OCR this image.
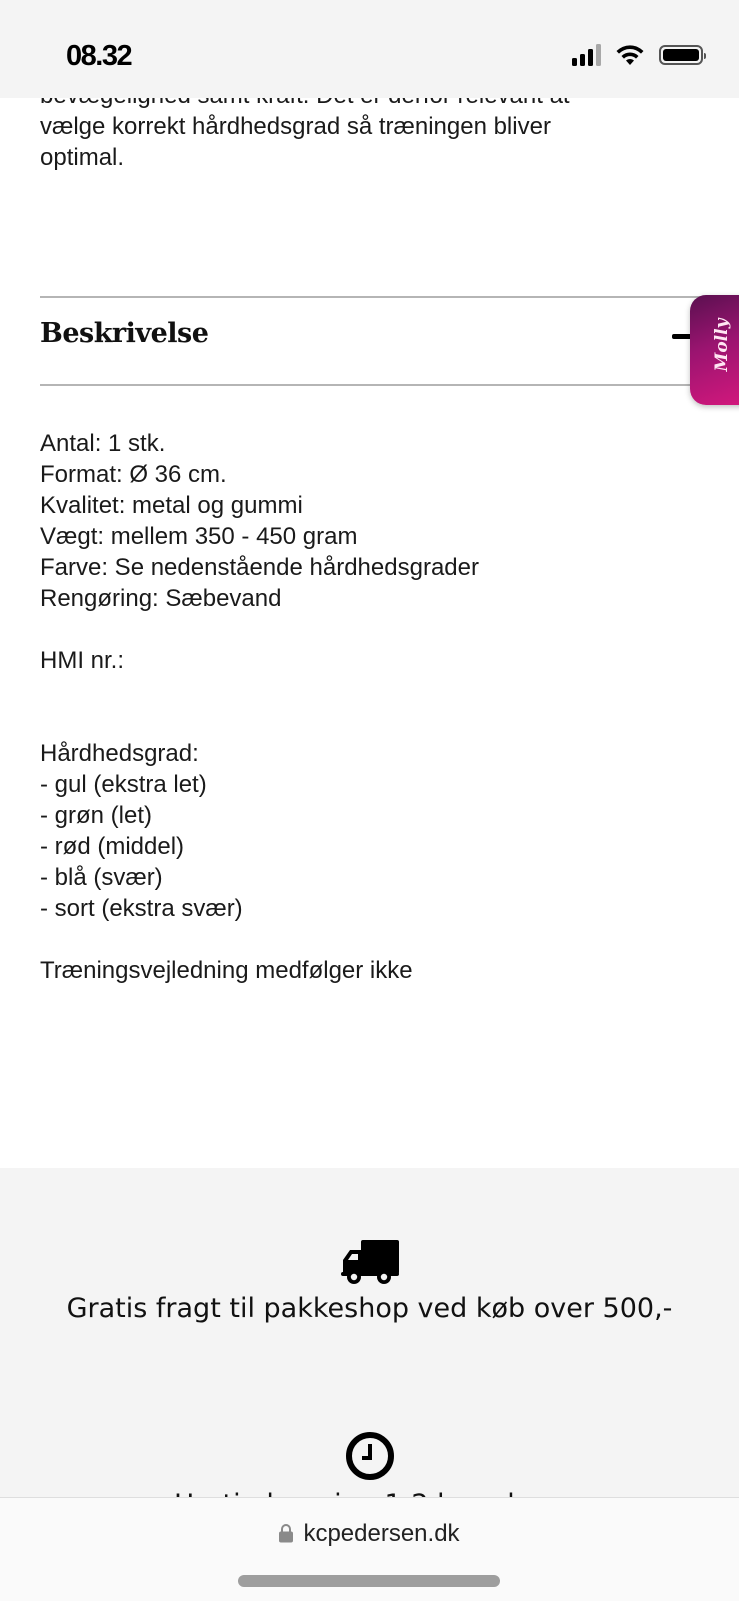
08.32
vælge korrekt hårdhedsgrad så træningen bliver
optimal.
Beskrivelse	Molly
Antal: 1 stk.
Format: Ø 36 cm.
Kvalitet: metal og gummi
Vægt: mellem 350 - 450 gram
Farve: Se nedenstående hårdhedsgrader
Rengøring: Sæbevand
HMI nr.:
Hårdhedsgrad:
- gul (ekstra let)
- grøn (let)
- rød (middel)
- blå (svær)
- sort (ekstra svær)
Træningsvejledning medfølger ikke
Gratis fragt til pakkeshop ved køb over 500,-
kcpedersen.dk
